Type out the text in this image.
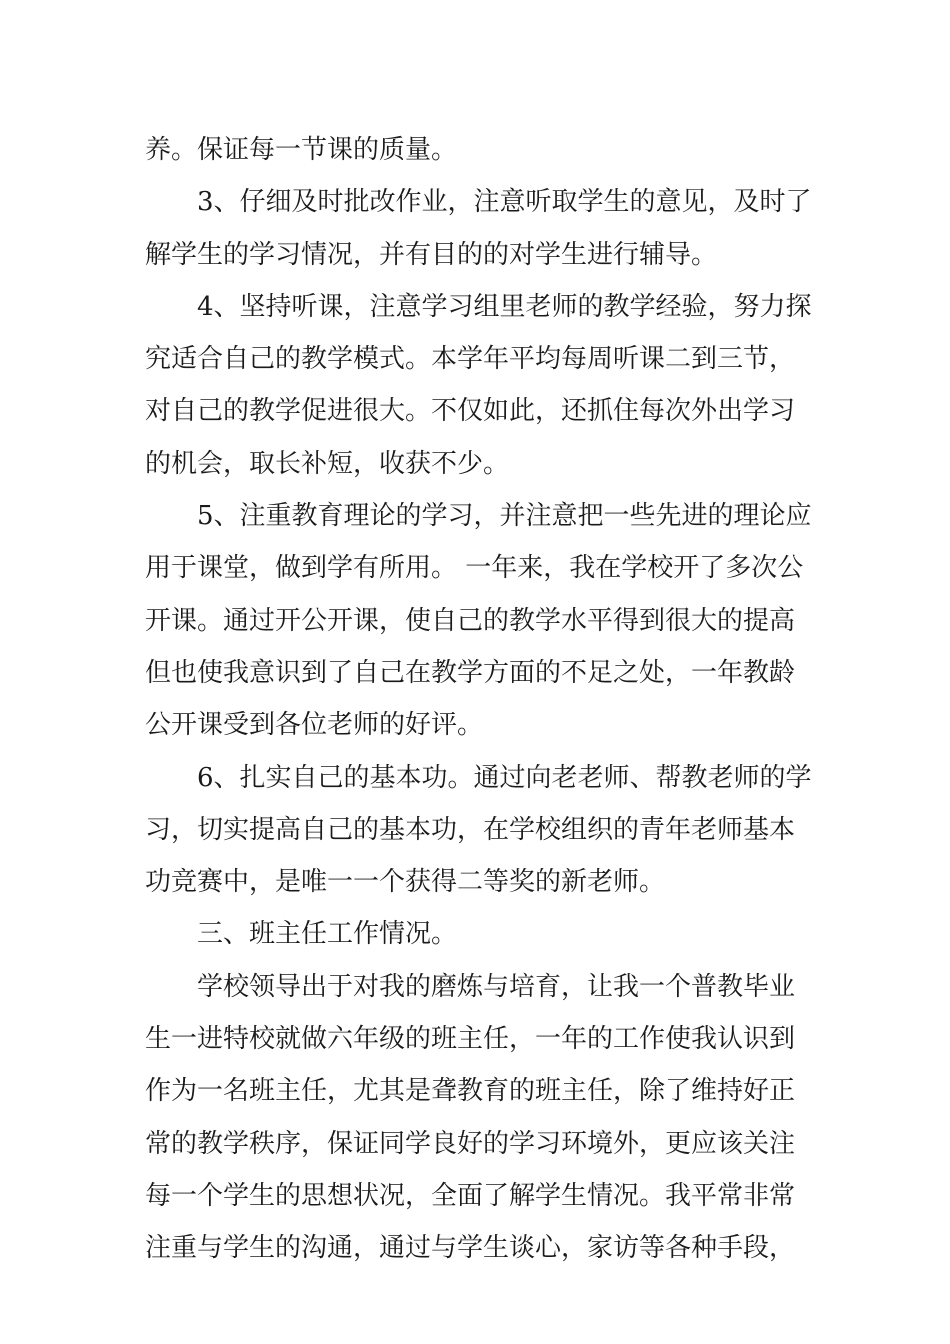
养。保证每一节课的质量。
3、仔细及时批改作业，注意听取学生的意见，及时了
解学生的学习情况，并有目的的对学生进行辅导。
4、坚持听课，注意学习组里老师的教学经验，努力探
究适合自己的教学模式。本学年平均每周听课二到三节，
对自己的教学促进很大。不仅如此，还抓住每次外出学习
的机会，取长补短，收获不少。
5、注重教育理论的学习，并注意把一些先进的理论应
用于课堂，做到学有所用。 一年来，我在学校开了多次公
开课。通过开公开课，使自己的教学水平得到很大的提高
但也使我意识到了自己在教学方面的不足之处，一年教龄
公开课受到各位老师的好评。
6、扎实自己的基本功。通过向老老师、帮教老师的学
习，切实提高自己的基本功，在学校组织的青年老师基本
功竞赛中，是唯一一个获得二等奖的新老师。
三、班主任工作情况。
学校领导出于对我的磨炼与培育，让我一个普教毕业
生一进特校就做六年级的班主任，一年的工作使我认识到
作为一名班主任，尤其是聋教育的班主任，除了维持好正
常的教学秩序，保证同学良好的学习环境外，更应该关注
每一个学生的思想状况，全面了解学生情况。我平常非常
注重与学生的沟通，通过与学生谈心，家访等各种手段，
